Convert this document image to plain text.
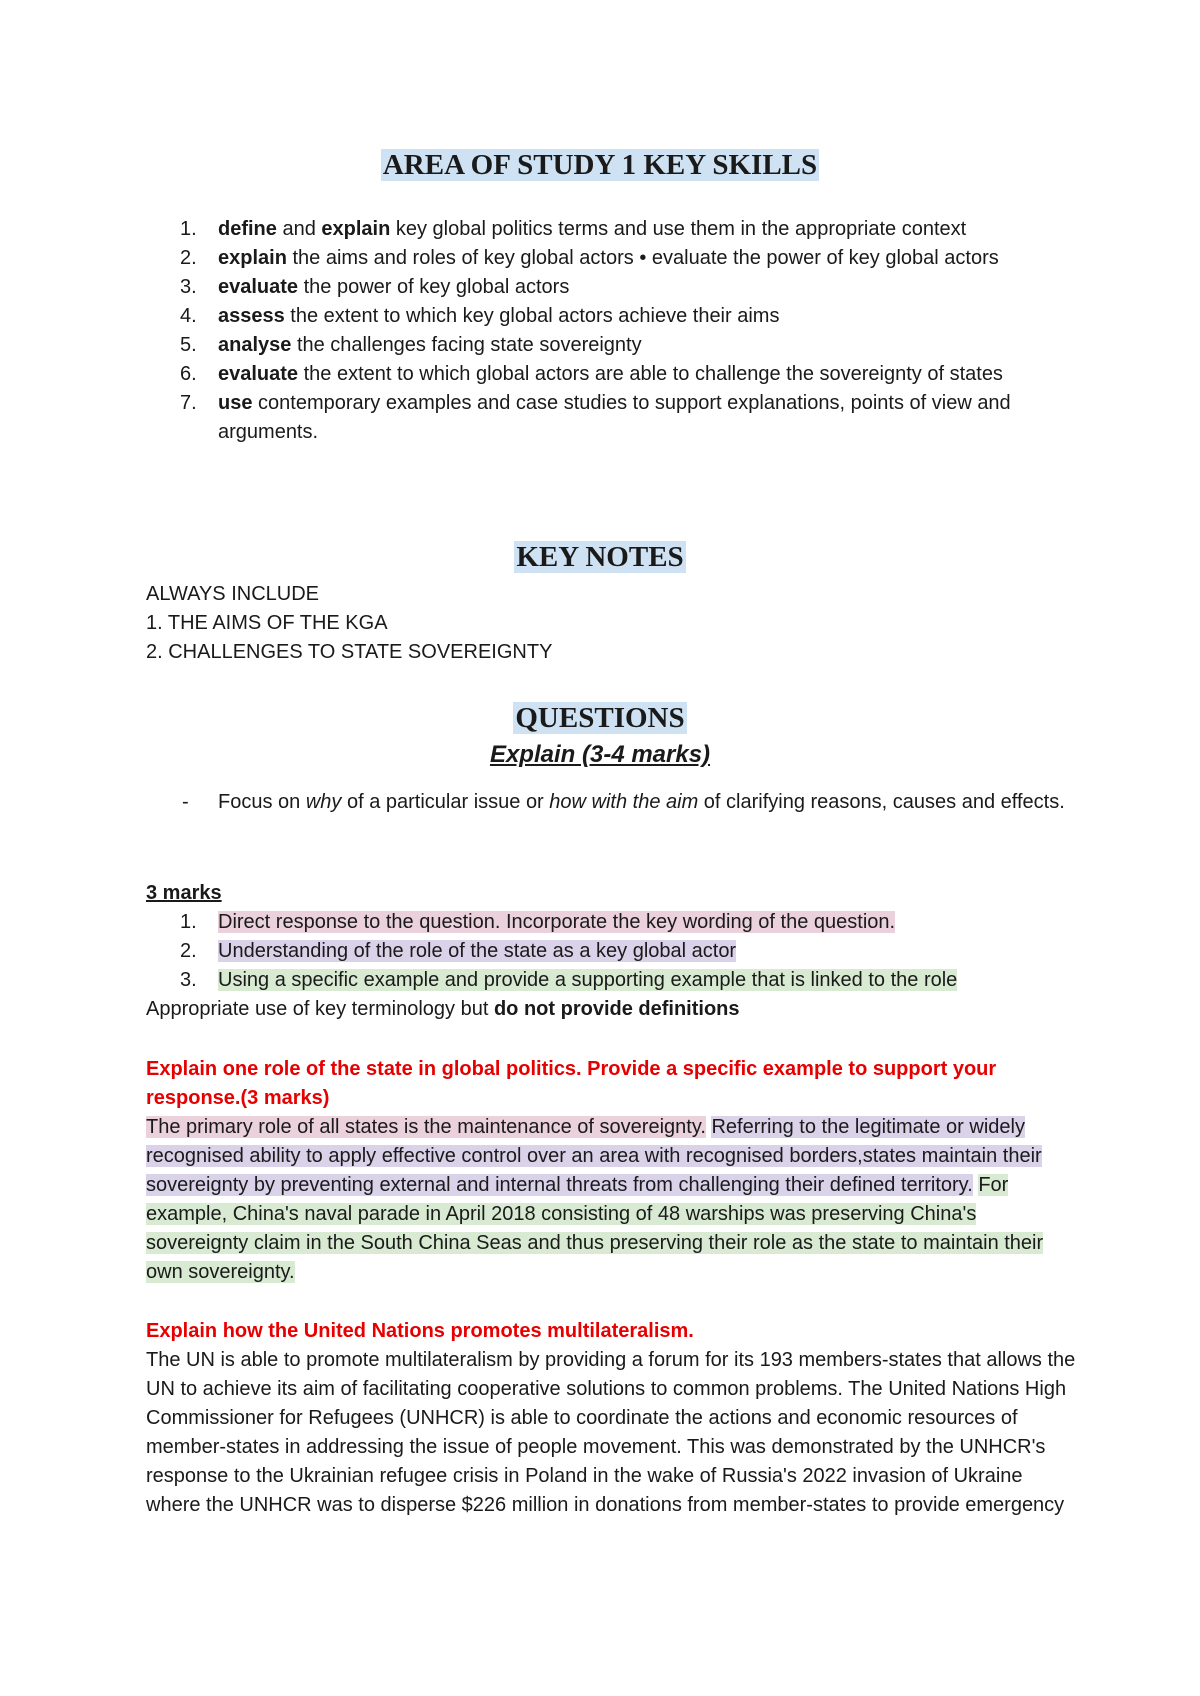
AREA OF STUDY 1 KEY SKILLS
1. define and explain key global politics terms and use them in the appropriate context
2. explain the aims and roles of key global actors • evaluate the power of key global actors
3. evaluate the power of key global actors
4. assess the extent to which key global actors achieve their aims
5. analyse the challenges facing state sovereignty
6. evaluate the extent to which global actors are able to challenge the sovereignty of states
7. use contemporary examples and case studies to support explanations, points of view and arguments.
KEY NOTES
ALWAYS INCLUDE
1. THE AIMS OF THE KGA
2. CHALLENGES TO STATE SOVEREIGNTY
QUESTIONS
Explain (3-4 marks)
- Focus on why of a particular issue or how with the aim of clarifying reasons, causes and effects.
3 marks
1. Direct response to the question. Incorporate the key wording of the question.
2. Understanding of the role of the state as a key global actor
3. Using a specific example and provide a supporting example that is linked to the role
Appropriate use of key terminology but do not provide definitions
Explain one role of the state in global politics. Provide a specific example to support your response.(3 marks)
The primary role of all states is the maintenance of sovereignty. Referring to the legitimate or widely recognised ability to apply effective control over an area with recognised borders,states maintain their sovereignty by preventing external and internal threats from challenging their defined territory. For example, China's naval parade in April 2018 consisting of 48 warships was preserving China's sovereignty claim in the South China Seas and thus preserving their role as the state to maintain their own sovereignty.
Explain how the United Nations promotes multilateralism.
The UN is able to promote multilateralism by providing a forum for its 193 members-states that allows the UN to achieve its aim of facilitating cooperative solutions to common problems. The United Nations High Commissioner for Refugees (UNHCR) is able to coordinate the actions and economic resources of member-states in addressing the issue of people movement. This was demonstrated by the UNHCR's response to the Ukrainian refugee crisis in Poland in the wake of Russia's 2022 invasion of Ukraine where the UNHCR was to disperse $226 million in donations from member-states to provide emergency
